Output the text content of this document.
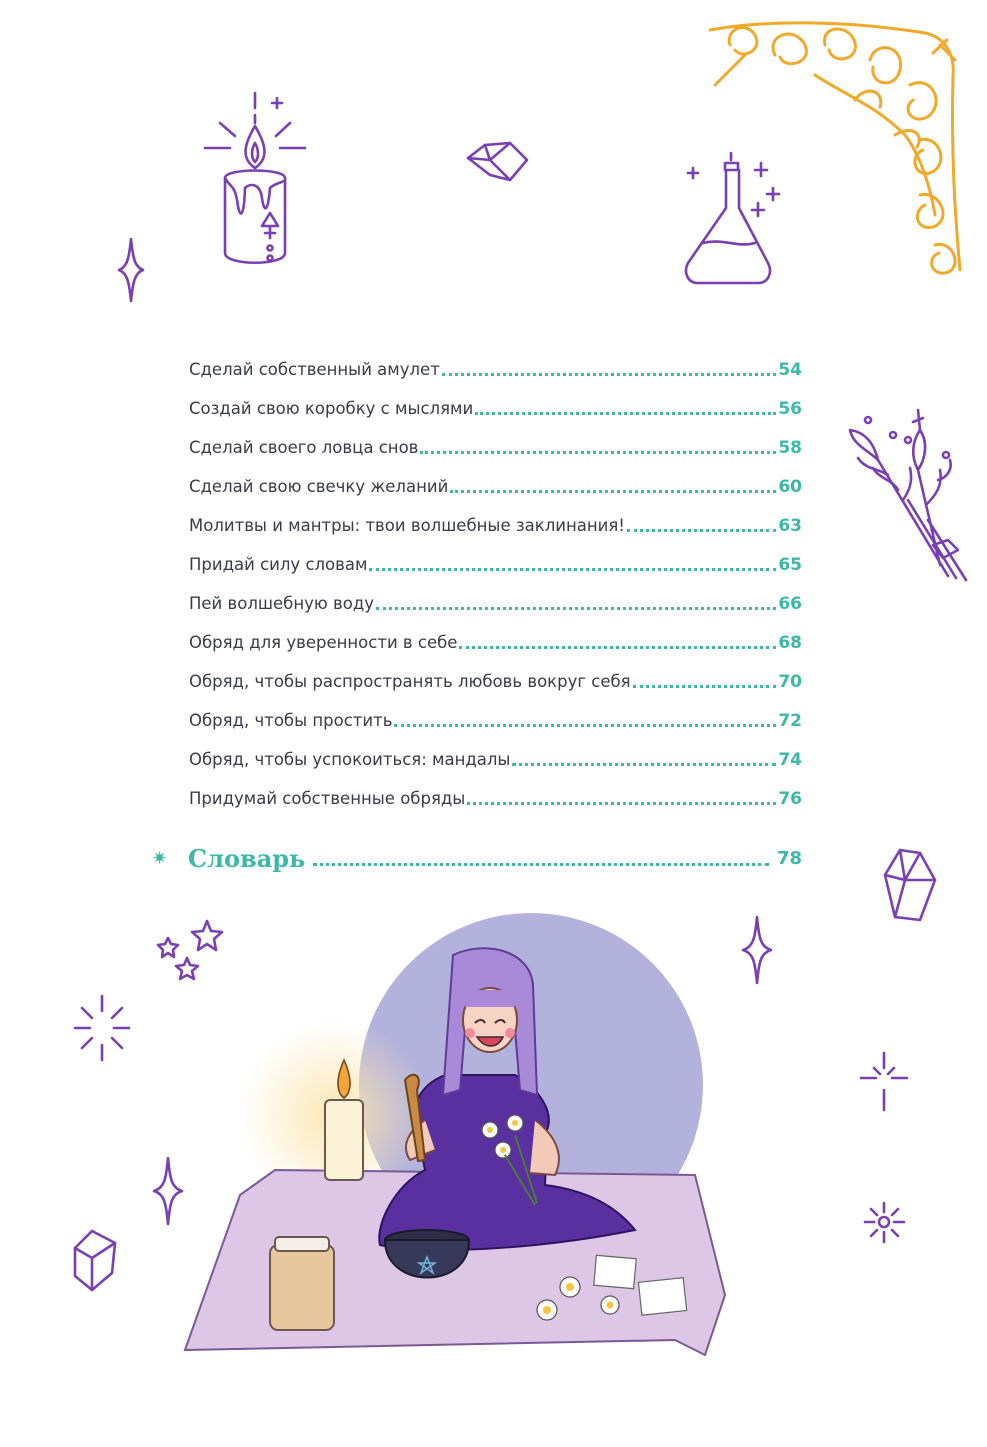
Сделай собственный амулет	54
Создай свою коробку с мыслями	56
Сделай своего ловца снов	58
Сделай свою свечку желаний	60
Молитвы и мантры: твои волшебные заклинания!	63
Придай силу словам	65
Пей волшебную воду	66
Обряд для уверенности в себе	68
Обряд, чтобы распространять любовь вокруг себя	70
Обряд, чтобы простить	72
Обряд, чтобы успокоиться: мандалы	74
Придумай собственные обряды	76
✷ Словарь	78
